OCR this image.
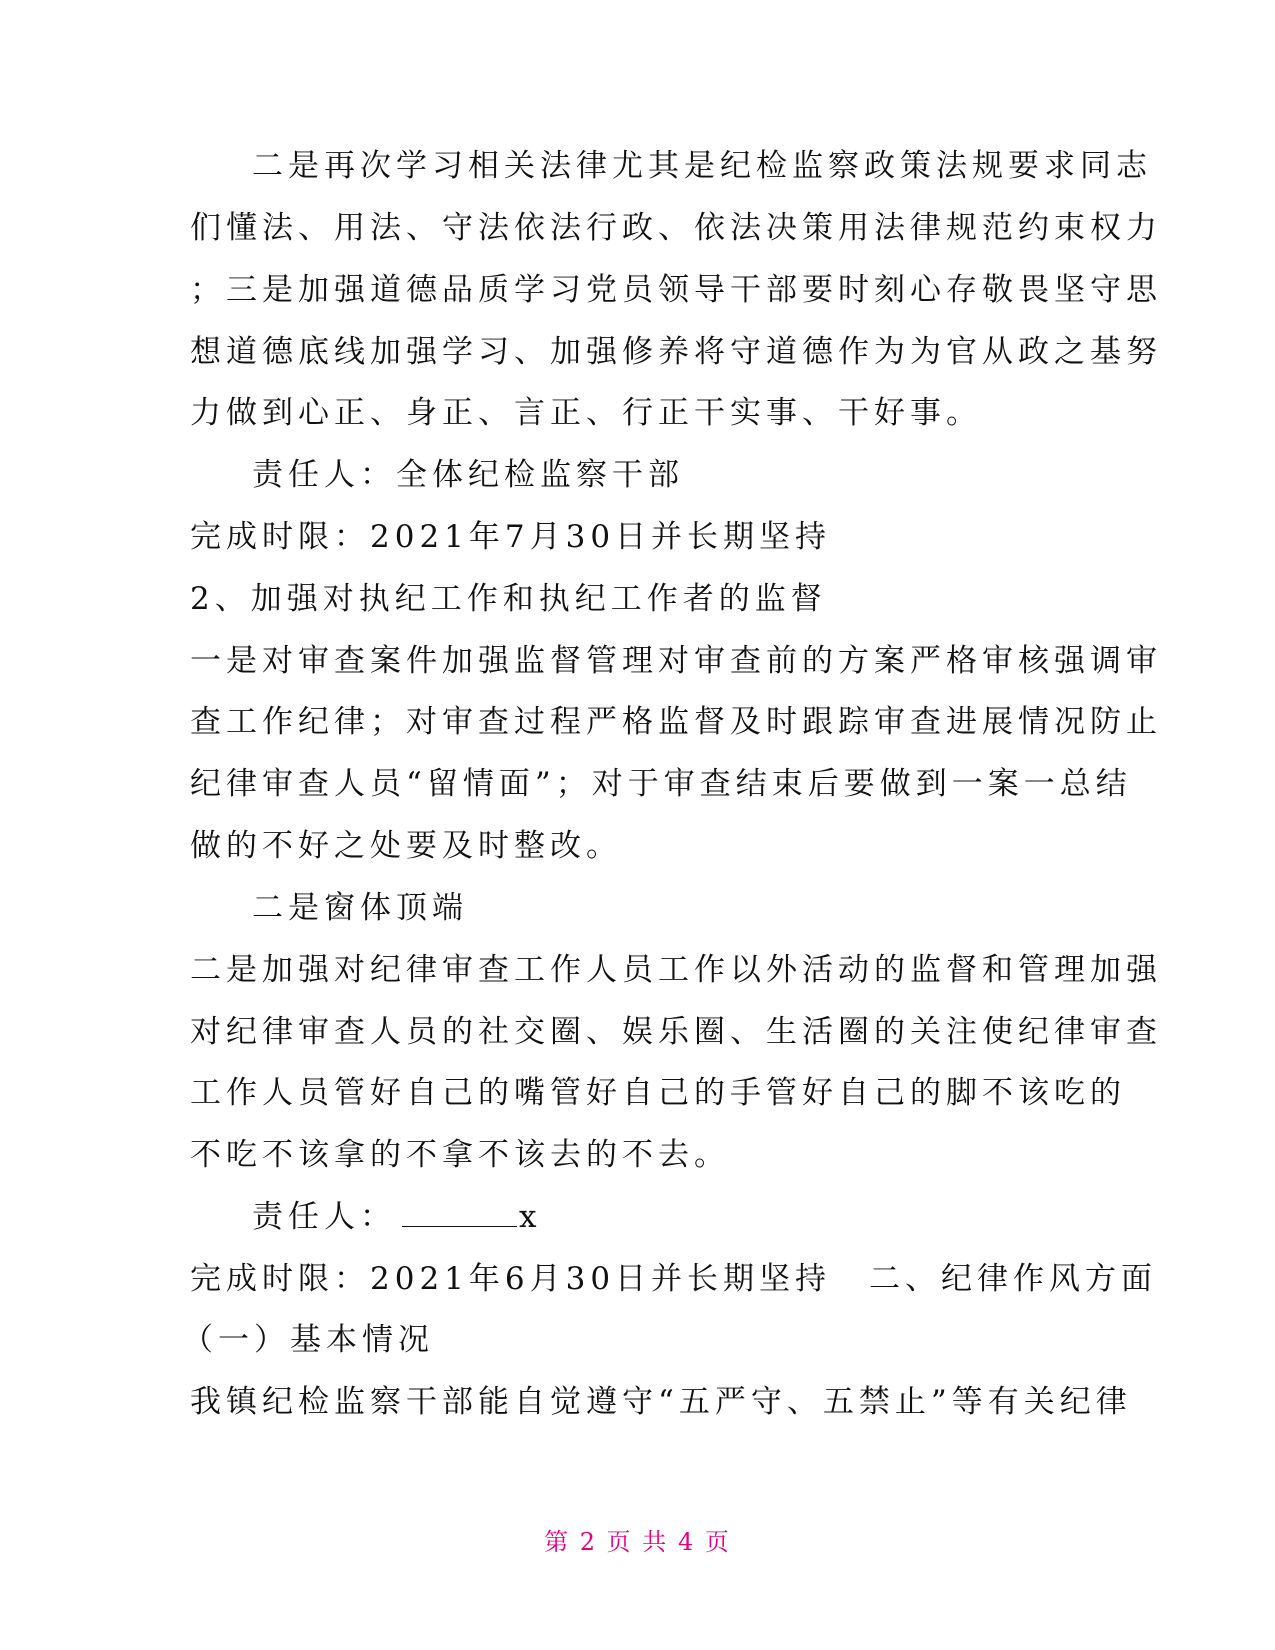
二是再次学习相关法律尤其是纪检监察政策法规要求同志
们懂法、用法、守法依法行政、依法决策用法律规范约束权力
；三是加强道德品质学习党员领导干部要时刻心存敬畏坚守思
想道德底线加强学习、加强修养将守道德作为为官从政之基努
力做到心正、身正、言正、行正干实事、干好事。
责任人：全体纪检监察干部
完成时限：2021年7月30日并长期坚持
2、加强对执纪工作和执纪工作者的监督
一是对审查案件加强监督管理对审查前的方案严格审核强调审
查工作纪律；对审查过程严格监督及时跟踪审查进展情况防止
纪律审查人员“留情面”；对于审查结束后要做到一案一总结
做的不好之处要及时整改。
二是窗体顶端
二是加强对纪律审查工作人员工作以外活动的监督和管理加强
对纪律审查人员的社交圈、娱乐圈、生活圈的关注使纪律审查
工作人员管好自己的嘴管好自己的手管好自己的脚不该吃的
不吃不该拿的不拿不该去的不去。
责任人：	x
完成时限：2021年6月30日并长期坚持 二、纪律作风方面
（一）基本情况
我镇纪检监察干部能自觉遵守“五严守、五禁止”等有关纪律
第 2 页 共 4 页
